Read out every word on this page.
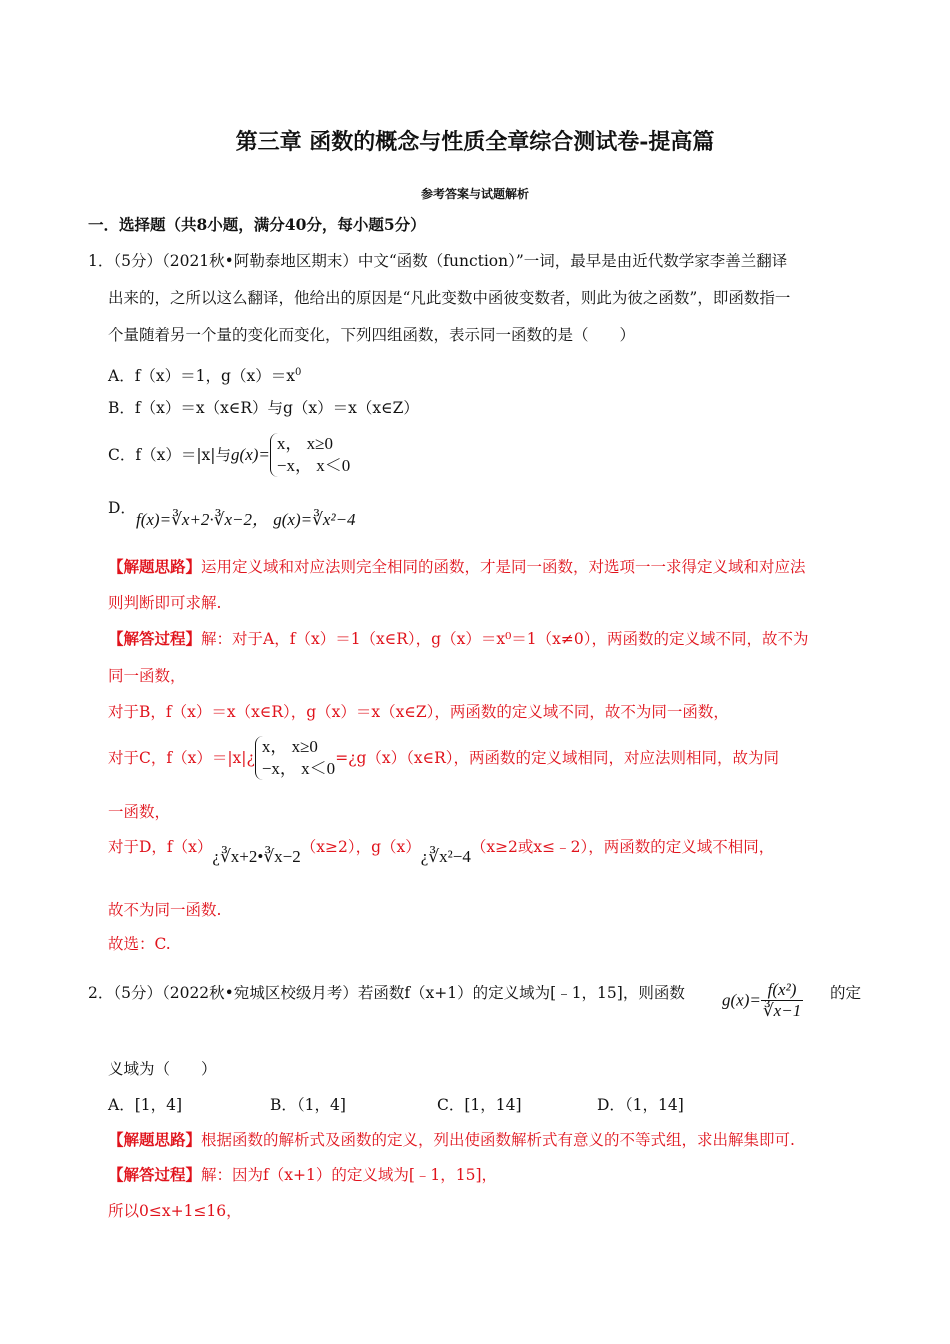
第三章 函数的概念与性质全章综合测试卷-提高篇
参考答案与试题解析
一．选择题（共8小题，满分40分，每小题5分）
1．（5分）（2021秋•阿勒泰地区期末）中文“函数（function）”一词，最早是由近代数学家李善兰翻译
出来的，之所以这么翻译，他给出的原因是“凡此变数中函彼变数者，则此为彼之函数”，即函数指一
个量随着另一个量的变化而变化，下列四组函数，表示同一函数的是（　　）
A．f（x）＝1，$g(x)=x^0$
B．f（x）＝x（x∈R）与g（x）＝x（x∈Z）
C．f（x）＝|x|与g(x)=
x， x≥0
−x， x＜0
D．
f(x)=∛x+2·∛x−2， g(x)=∛x²−4
【解题思路】运用定义域和对应法则完全相同的函数，才是同一函数，对选项一一求得定义域和对应法
则判断即可求解.
【解答过程】解：对于A，f（x）＝1（x∈R），g（x）＝x⁰＝1（x≠0），两函数的定义域不同，故不为
同一函数，
对于B，f（x）＝x（x∈R），g（x）＝x（x∈Z），两函数的定义域不同，故不为同一函数，
对于C，f（x）＝|x|¿
x， x≥0
−x， x＜0
=¿g（x）（x∈R），两函数的定义域相同，对应法则相同，故为同
一函数，
对于D，f（x）¿∛x+2•∛x−2（x≥2），g（x）¿∛x²−4（x≥2或x≤﹣2），两函数的定义域不相同，
故不为同一函数.
故选：C.
2．（5分）（2022秋•宛城区校级月考）若函数f（x+1）的定义域为[﹣1，15]，则函数 $g(x)= \frac{\text{f(x²)}}{∛x-1}$ 的定
义域为（　　）
A．[1，4]	B．（1，4]	C．[1，14]	D．（1，14]
【解题思路】根据函数的解析式及函数的定义，列出使函数解析式有意义的不等式组，求出解集即可.
【解答过程】解：因为f（x+1）的定义域为[﹣1，15]，
所以0≤x+1≤16，
